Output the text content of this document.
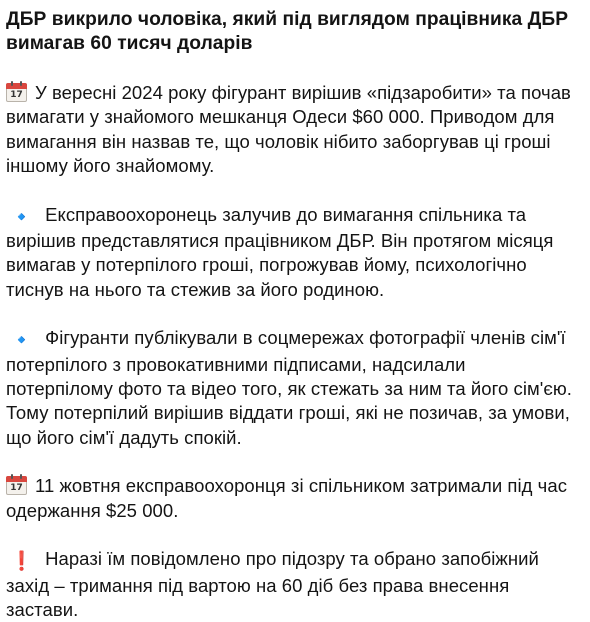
ДБР викрило чоловіка, який під виглядом працівника ДБР вимагав 60 тисяч доларів

17 У вересні 2024 року фігурант вирішив «підзаробити» та почав вимагати у знайомого мешканця Одеси $60 000. Приводом для вимагання він назвав те, що чоловік нібито заборгував ці гроші іншому його знайомому.

🔹 Експравоохоронець залучив до вимагання спільника та вирішив представлятися працівником ДБР. Він протягом місяця вимагав у потерпілого гроші, погрожував йому, психологічно тиснув на нього та стежив за його родиною.

🔹 Фігуранти публікували в соцмережах фотографії членів сім'ї потерпілого з провокативними підписами, надсилали потерпілому фото та відео того, як стежать за ним та його сім'єю. Тому потерпілий вирішив віддати гроші, які не позичав, за умови, що його сім'ї дадуть спокій.

17 11 жовтня експравоохоронця зі спільником затримали під час одержання $25 000.

❗ Наразі їм повідомлено про підозру та обрано запобіжний захід – тримання під вартою на 60 діб без права внесення застави.
